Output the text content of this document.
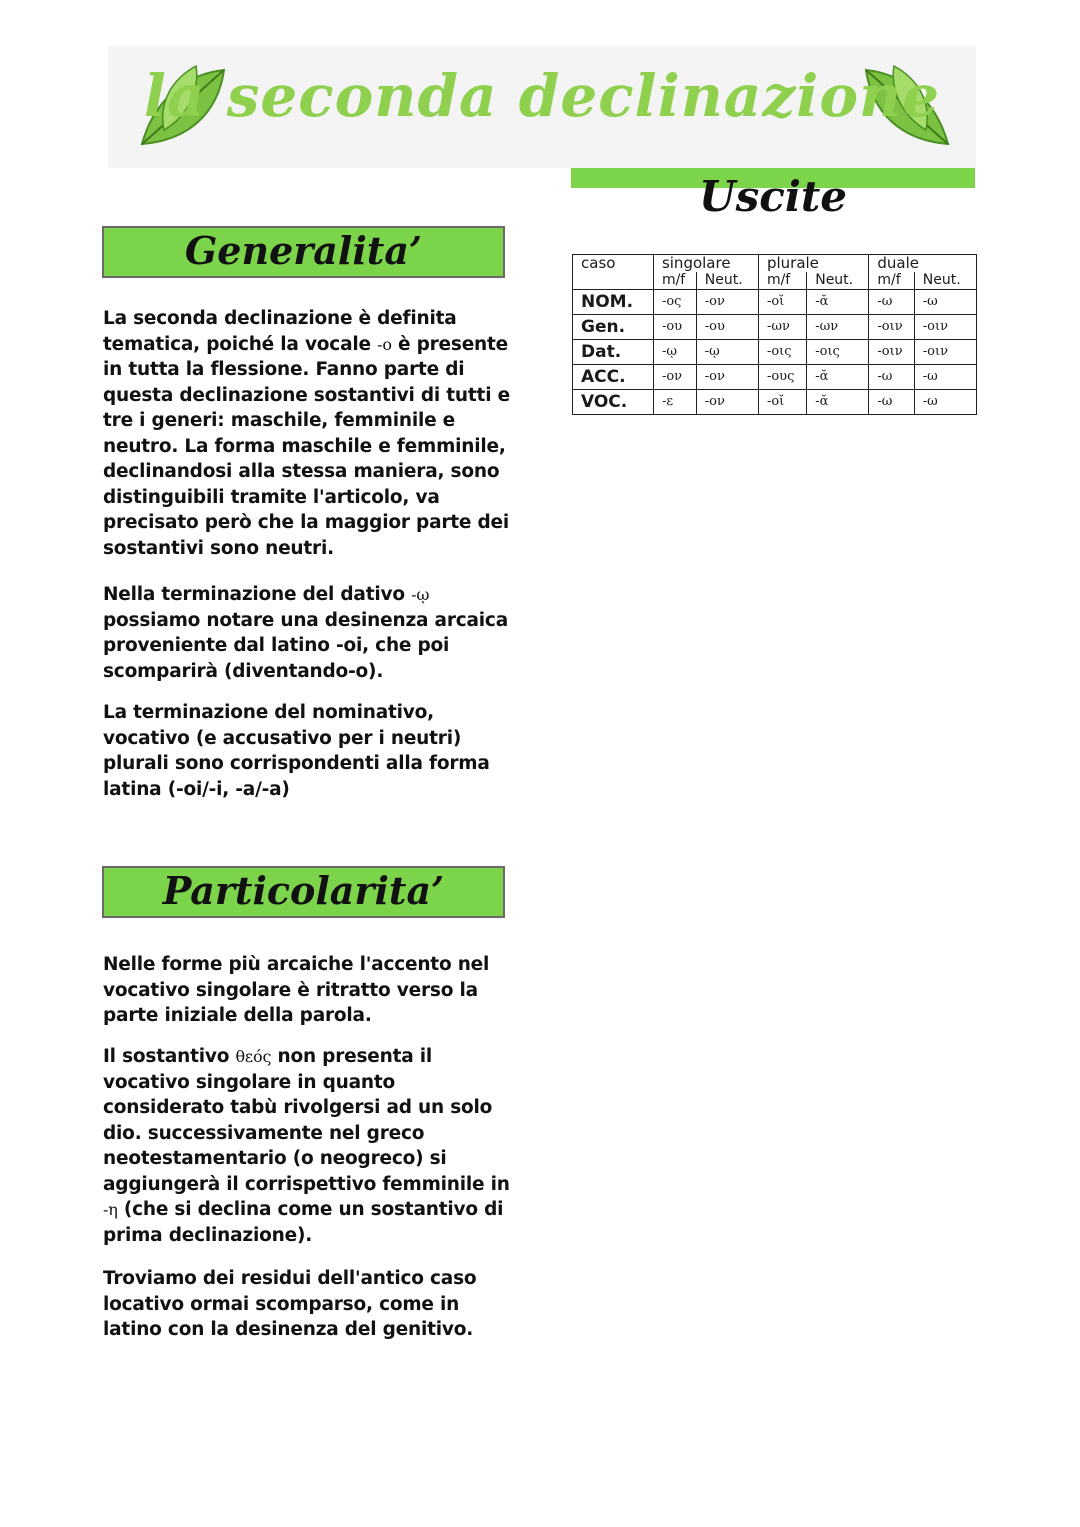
la seconda declinazione
Uscite
caso	singolare		plurale		duale	
	m/f	Neut.	m/f	Neut.	m/f	Neut.
NOM.	-ος	-ον	-οῐ	-ᾰ	-ω	-ω
Gen.	-ου	-ου	-ων	-ων	-οιν	-οιν
Dat.	-ῳ	-ῳ	-οις	-οις	-οιν	-οιν
ACC.	-ον	-ον	-ους	-ᾰ	-ω	-ω
VOC.	-ε	-ον	-οῐ	-ᾰ	-ω	-ω
Generalita’

La seconda declinazione è definita tematica, poiché la vocale -ο è presente in tutta la flessione. Fanno parte di questa declinazione sostantivi di tutti e tre i generi: maschile, femminile e neutro. La forma maschile e femminile, declinandosi alla stessa maniera, sono distinguibili tramite l'articolo, va precisato però che la maggior parte dei sostantivi sono neutri.

Nella terminazione del dativo -ῳ possiamo notare una desinenza arcaica proveniente dal latino -oi, che poi scomparirà (diventando-o).

La terminazione del nominativo, vocativo (e accusativo per i neutri) plurali sono corrispondenti alla forma latina (-oi/-i, -a/-a)

Particolarita’

Nelle forme più arcaiche l'accento nel vocativo singolare è ritratto verso la parte iniziale della parola.

Il sostantivo θεός non presenta il vocativo singolare in quanto considerato tabù rivolgersi ad un solo dio. successivamente nel greco neotestamentario (o neogreco) si aggiungerà il corrispettivo femminile in -η (che si declina come un sostantivo di prima declinazione).

Troviamo dei residui dell'antico caso locativo ormai scomparso, come in latino con la desinenza del genitivo.
